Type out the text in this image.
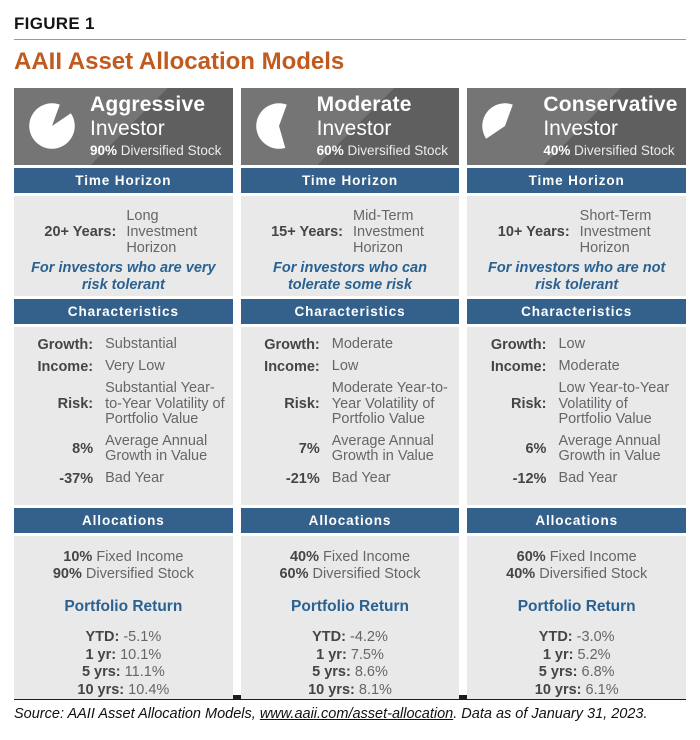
FIGURE 1
AAII Asset Allocation Models
Aggressive
Investor
90% Diversified Stock
Time Horizon
20+ Years:
Long Investment Horizon
For investors who are very risk tolerant
Characteristics
Growth: Substantial
Income: Very Low
Risk:
Substantial Year-to-Year Volatility of Portfolio Value
8%
Average Annual Growth in Value
-37% Bad Year
Allocations
10% Fixed Income
90% Diversified Stock
Portfolio Return
YTD: -5.1%
1 yr: 10.1%
5 yrs: 11.1%
10 yrs: 10.4%
Moderate
Investor
60% Diversified Stock
Time Horizon
15+ Years:
Mid-Term Investment Horizon
For investors who can tolerate some risk
Characteristics
Growth: Moderate
Income: Low
Risk:
Moderate Year-to-Year Volatility of Portfolio Value
7%
Average Annual Growth in Value
-21% Bad Year
Allocations
40% Fixed Income
60% Diversified Stock
Portfolio Return
YTD: -4.2%
1 yr: 7.5%
5 yrs: 8.6%
10 yrs: 8.1%
Conservative
Investor
40% Diversified Stock
Time Horizon
10+ Years:
Short-Term Investment Horizon
For investors who are not risk tolerant
Characteristics
Growth: Low
Income: Moderate
Risk:
Low Year-to-Year Volatility of Portfolio Value
6%
Average Annual Growth in Value
-12% Bad Year
Allocations
60% Fixed Income
40% Diversified Stock
Portfolio Return
YTD: -3.0%
1 yr: 5.2%
5 yrs: 6.8%
10 yrs: 6.1%
Source: AAII Asset Allocation Models, www.aaii.com/asset-allocation. Data as of January 31, 2023.
